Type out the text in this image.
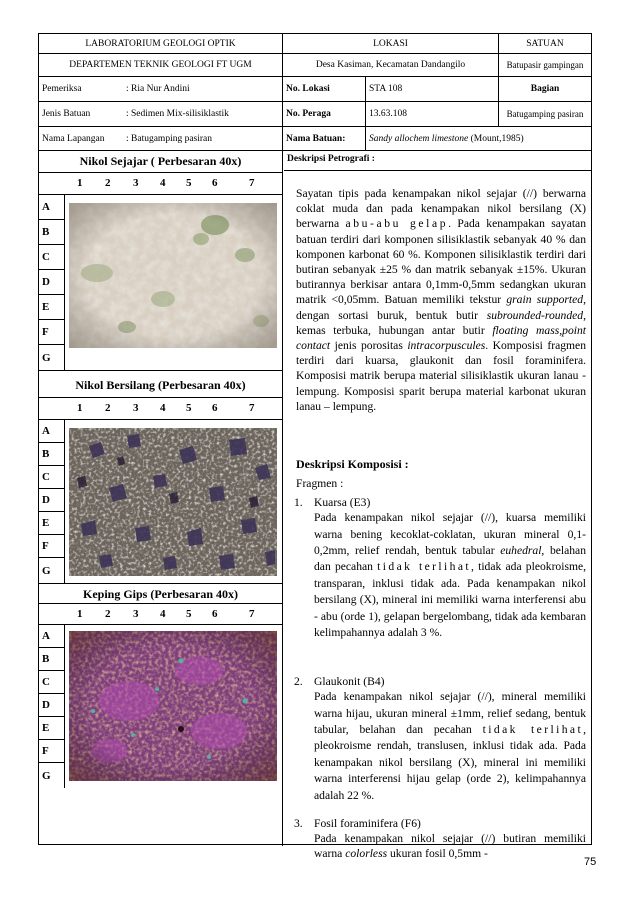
LABORATORIUM GEOLOGI OPTIK	LOKASI	SATUAN
DEPARTEMEN TEKNIK GEOLOGI FT UGM	Desa Kasiman, Kecamatan Dandangilo	Batupasir gampingan
Pemeriksa	: Ria Nur Andini	No. Lokasi	STA 108	Bagian
Jenis Batuan	: Sedimen Mix-silisiklastik	No. Peraga	13.63.108	Batugamping pasiran
Nama Lapangan	: Batugamping pasiran	Nama Batuan:	Sandy allochem limestone
(Mount,1985)
Nikol Sejajar ( Perbesaran 40x)
1 2 3 4 5 6	7
A
B
C
D
E
F
G
Nikol Bersilang (Perbesaran 40x)
1 2 3 4 5 6	7
A
B
C
D
E
F
G
Keping Gips (Perbesaran 40x)
1 2 3 4 5 6	7
A
B
C
D
E
F
G
Deskripsi Petrografi :
Sayatan tipis pada kenampakan nikol sejajar (//) berwarna coklat muda dan pada kenampakan nikol bersilang (X) berwarna abu-abu gelap. Pada kenampakan sayatan batuan terdiri dari komponen silisiklastik sebanyak 40 % dan komponen karbonat 60 %. Komponen silisiklastik terdiri dari butiran sebanyak ±25 % dan matrik sebanyak ±15%. Ukuran butirannya berkisar antara 0,1mm-0,5mm sedangkan ukuran matrik <0,05mm. Batuan memiliki tekstur grain supported, dengan sortasi buruk, bentuk butir subrounded-rounded, kemas terbuka, hubungan antar butir floating mass,point contact jenis porositas intracorpuscules. Komposisi fragmen terdiri dari kuarsa, glaukonit dan fosil foraminifera. Komposisi matrik berupa material silisiklastik ukuran lanau - lempung. Komposisi sparit berupa material karbonat ukuran lanau – lempung.
Deskripsi Komposisi :
Fragmen :
1. Kuarsa (E3)
Pada kenampakan nikol sejajar (//), kuarsa memiliki warna bening kecoklat-coklatan, ukuran mineral 0,1-0,2mm, relief rendah, bentuk tabular euhedral, belahan dan pecahan tidak terlihat, tidak ada pleokroisme, transparan, inklusi tidak ada. Pada kenampakan nikol bersilang (X), mineral ini memiliki warna interferensi abu - abu (orde 1), gelapan bergelombang, tidak ada kembaran kelimpahannya adalah 3 %.
2. Glaukonit (B4)
Pada kenampakan nikol sejajar (//), mineral memiliki warna hijau, ukuran mineral ±1mm, relief sedang, bentuk tabular, belahan dan pecahan tidak terlihat, pleokroisme rendah, translusen, inklusi tidak ada. Pada kenampakan nikol bersilang (X), mineral ini memiliki warna interferensi hijau gelap (orde 2), kelimpahannya adalah 22 %.
3. Fosil foraminifera (F6)
Pada kenampakan nikol sejajar (//) butiran memiliki warna colorless ukuran fosil 0,5mm -
75
